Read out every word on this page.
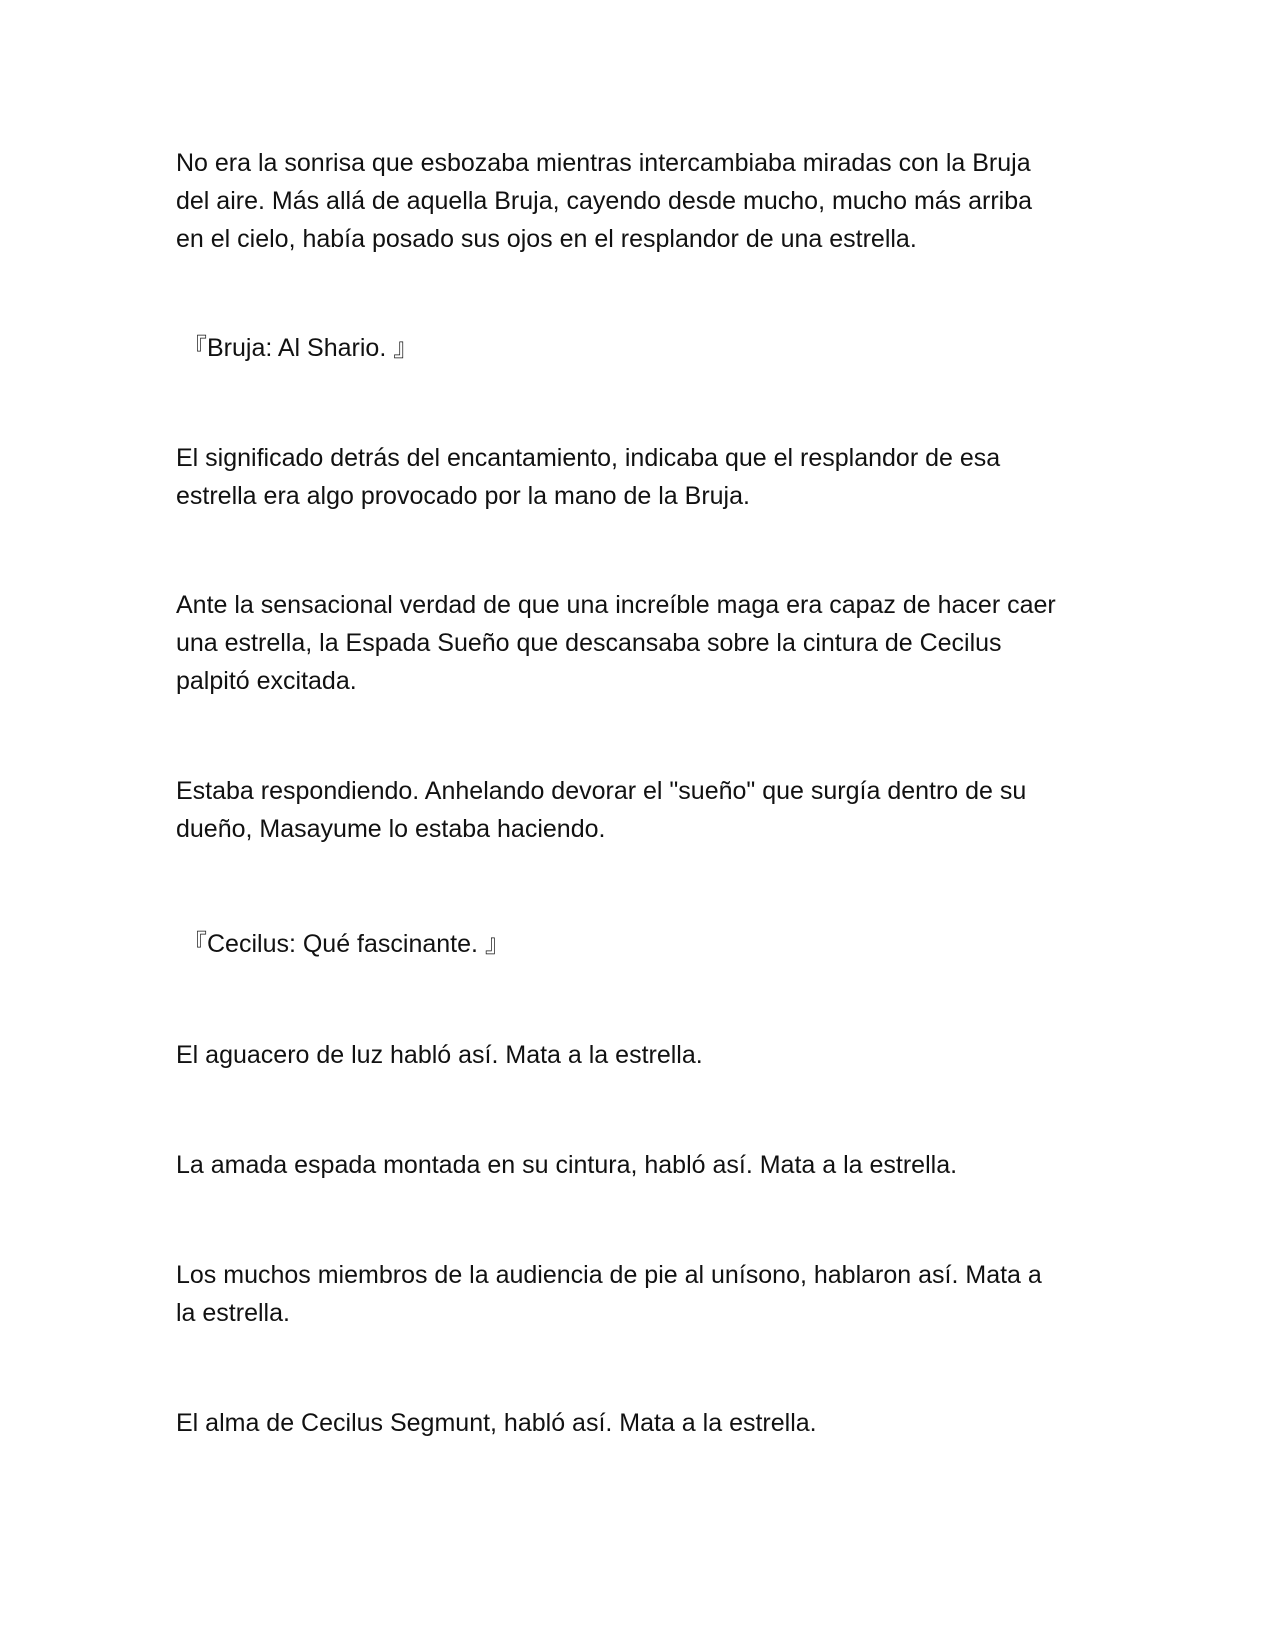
No era la sonrisa que esbozaba mientras intercambiaba miradas con la Bruja
del aire. Más allá de aquella Bruja, cayendo desde mucho, mucho más arriba
en el cielo, había posado sus ojos en el resplandor de una estrella.

『Bruja: Al Shario. 』

El significado detrás del encantamiento, indicaba que el resplandor de esa
estrella era algo provocado por la mano de la Bruja.

Ante la sensacional verdad de que una increíble maga era capaz de hacer caer
una estrella, la Espada Sueño que descansaba sobre la cintura de Cecilus
palpitó excitada.

Estaba respondiendo. Anhelando devorar el "sueño" que surgía dentro de su
dueño, Masayume lo estaba haciendo.

『Cecilus: Qué fascinante. 』

El aguacero de luz habló así. Mata a la estrella.

La amada espada montada en su cintura, habló así. Mata a la estrella.

Los muchos miembros de la audiencia de pie al unísono, hablaron así. Mata a
la estrella.

El alma de Cecilus Segmunt, habló así. Mata a la estrella.
